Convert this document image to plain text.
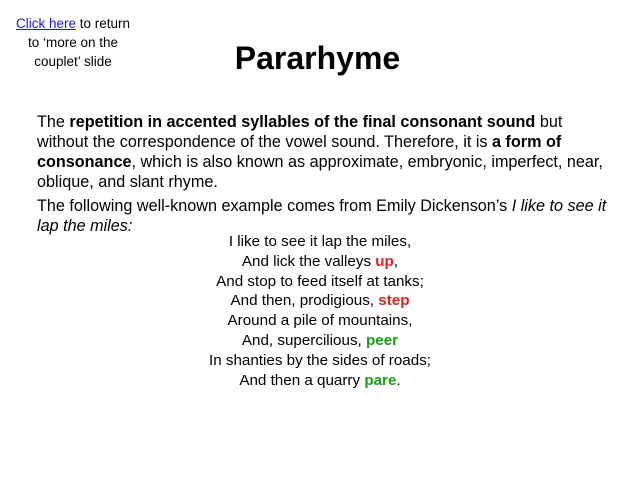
Click here to return
to ‘more on the
couplet’ slide	Pararhyme

The repetition in accented syllables of the final consonant sound but without the correspondence of the vowel sound. Therefore, it is a form of consonance, which is also known as approximate, embryonic, imperfect, near, oblique, and slant rhyme.

The following well-known example comes from Emily Dickenson’s I like to see it lap the miles:

I like to see it lap the miles,
And lick the valleys up,
And stop to feed itself at tanks;
And then, prodigious, step
Around a pile of mountains,
And, supercilious, peer
In shanties by the sides of roads;
And then a quarry pare.
